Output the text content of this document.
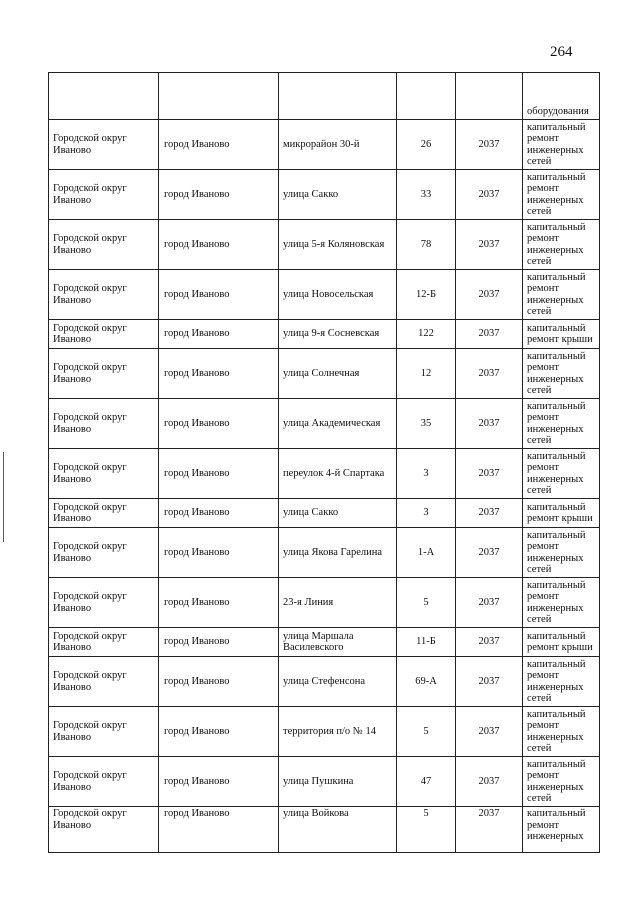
264
					оборудования
Городской округ Иваново	город Иваново	микрорайон 30-й	26	2037	капитальный ремонт инженерных сетей
Городской округ Иваново	город Иваново	улица Сакко	33	2037	капитальный ремонт инженерных сетей
Городской округ Иваново	город Иваново	улица 5-я Коляновская	78	2037	капитальный ремонт инженерных сетей
Городской округ Иваново	город Иваново	улица Новосельская	12-Б	2037	капитальный ремонт инженерных сетей
Городской округ Иваново	город Иваново	улица 9-я Сосневская	122	2037	капитальный ремонт крыши
Городской округ Иваново	город Иваново	улица Солнечная	12	2037	капитальный ремонт инженерных сетей
Городской округ Иваново	город Иваново	улица Академическая	35	2037	капитальный ремонт инженерных сетей
Городской округ Иваново	город Иваново	переулок 4-й Спартака	3	2037	капитальный ремонт инженерных сетей
Городской округ Иваново	город Иваново	улица Сакко	3	2037	капитальный ремонт крыши
Городской округ Иваново	город Иваново	улица Якова Гарелина	1-А	2037	капитальный ремонт инженерных сетей
Городской округ Иваново	город Иваново	23-я Линия	5	2037	капитальный ремонт инженерных сетей
Городской округ Иваново	город Иваново	улица Маршала Василевского	11-Б	2037	капитальный ремонт крыши
Городской округ Иваново	город Иваново	улица Стефенсона	69-А	2037	капитальный ремонт инженерных сетей
Городской округ Иваново	город Иваново	территория п/о № 14	5	2037	капитальный ремонт инженерных сетей
Городской округ Иваново	город Иваново	улица Пушкина	47	2037	капитальный ремонт инженерных сетей
Городской округ Иваново	город Иваново	улица Войкова	5	2037	капитальный ремонт инженерных
